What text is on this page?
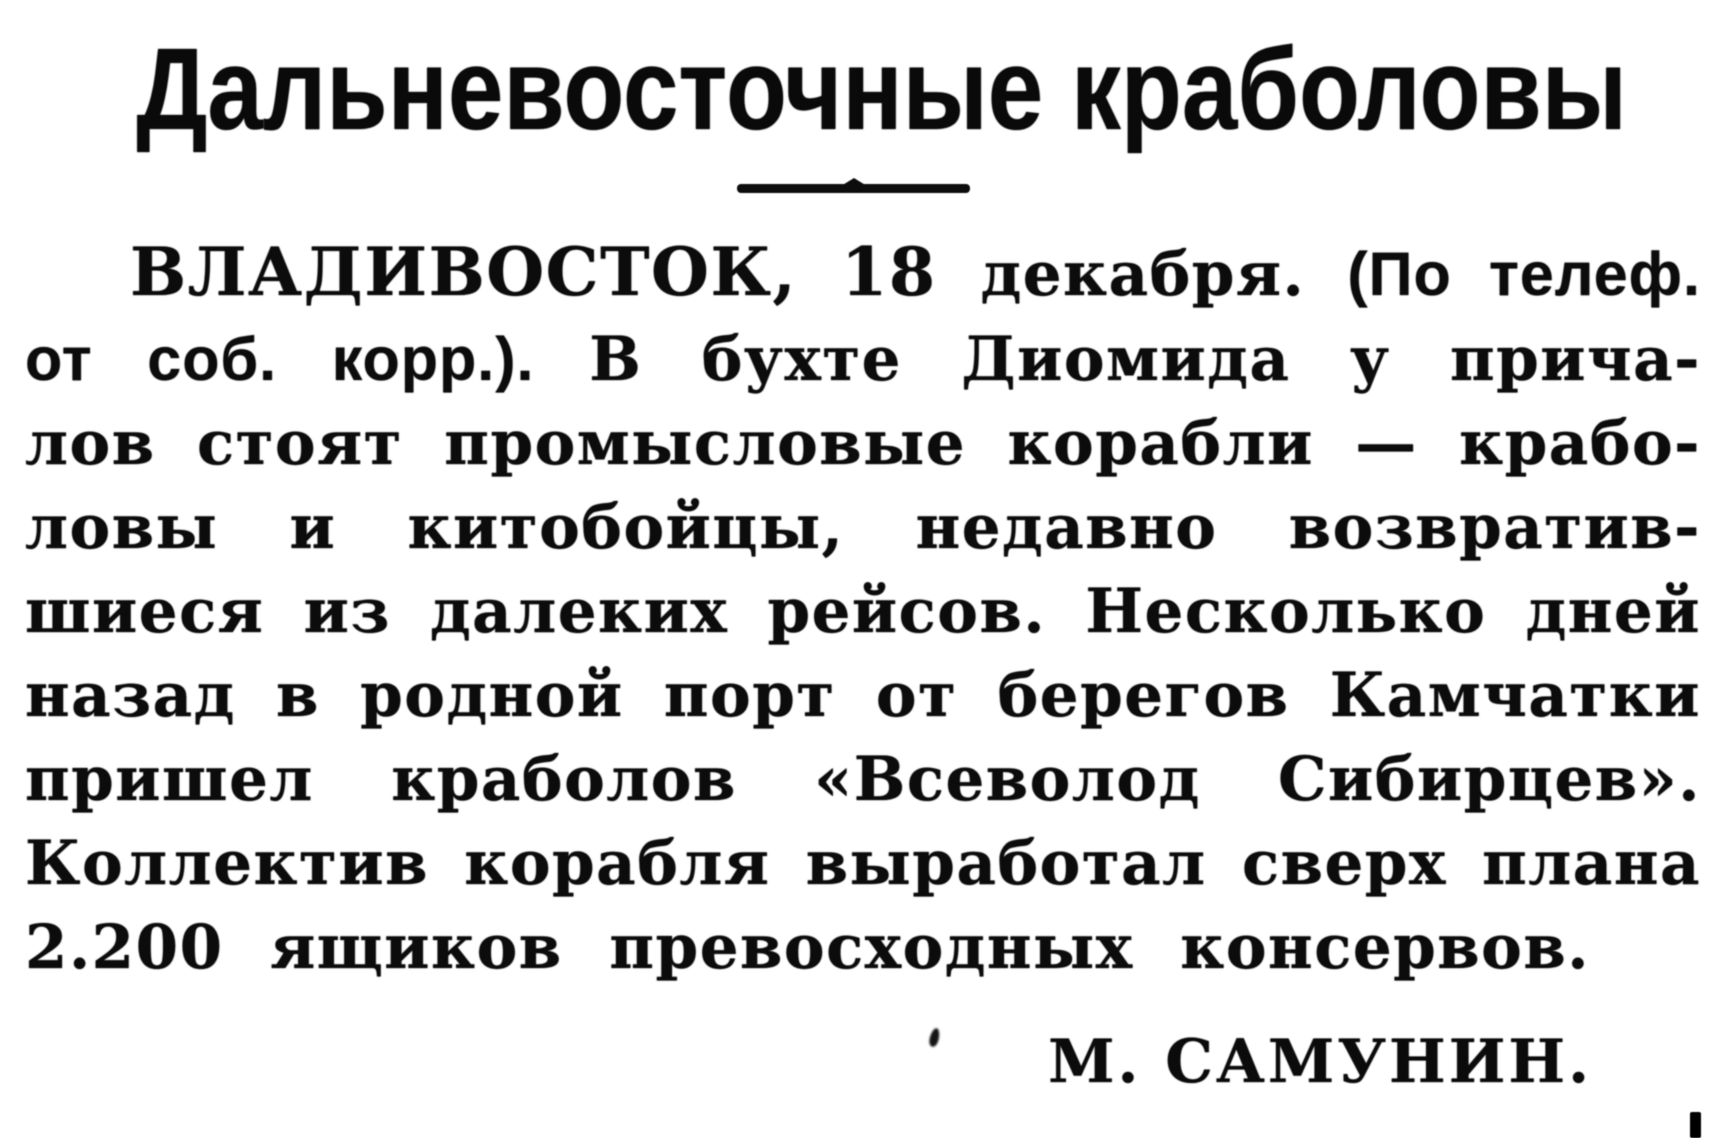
Дальневосточные краболовы
ВЛАДИВОСТОК, 18 декабря. (По телеф.
от соб. корр.). В бухте Диомида у прича-
лов стоят промысловые корабли — крабо-
ловы и китобойцы, недавно возвратив-
шиеся из далеких рейсов. Несколько дней
назад в родной порт от берегов Камчатки
пришел краболов «Всеволод Сибирцев».
Коллектив корабля выработал сверх плана
2.200 ящиков превосходных консервов.
М. САМУНИН.
